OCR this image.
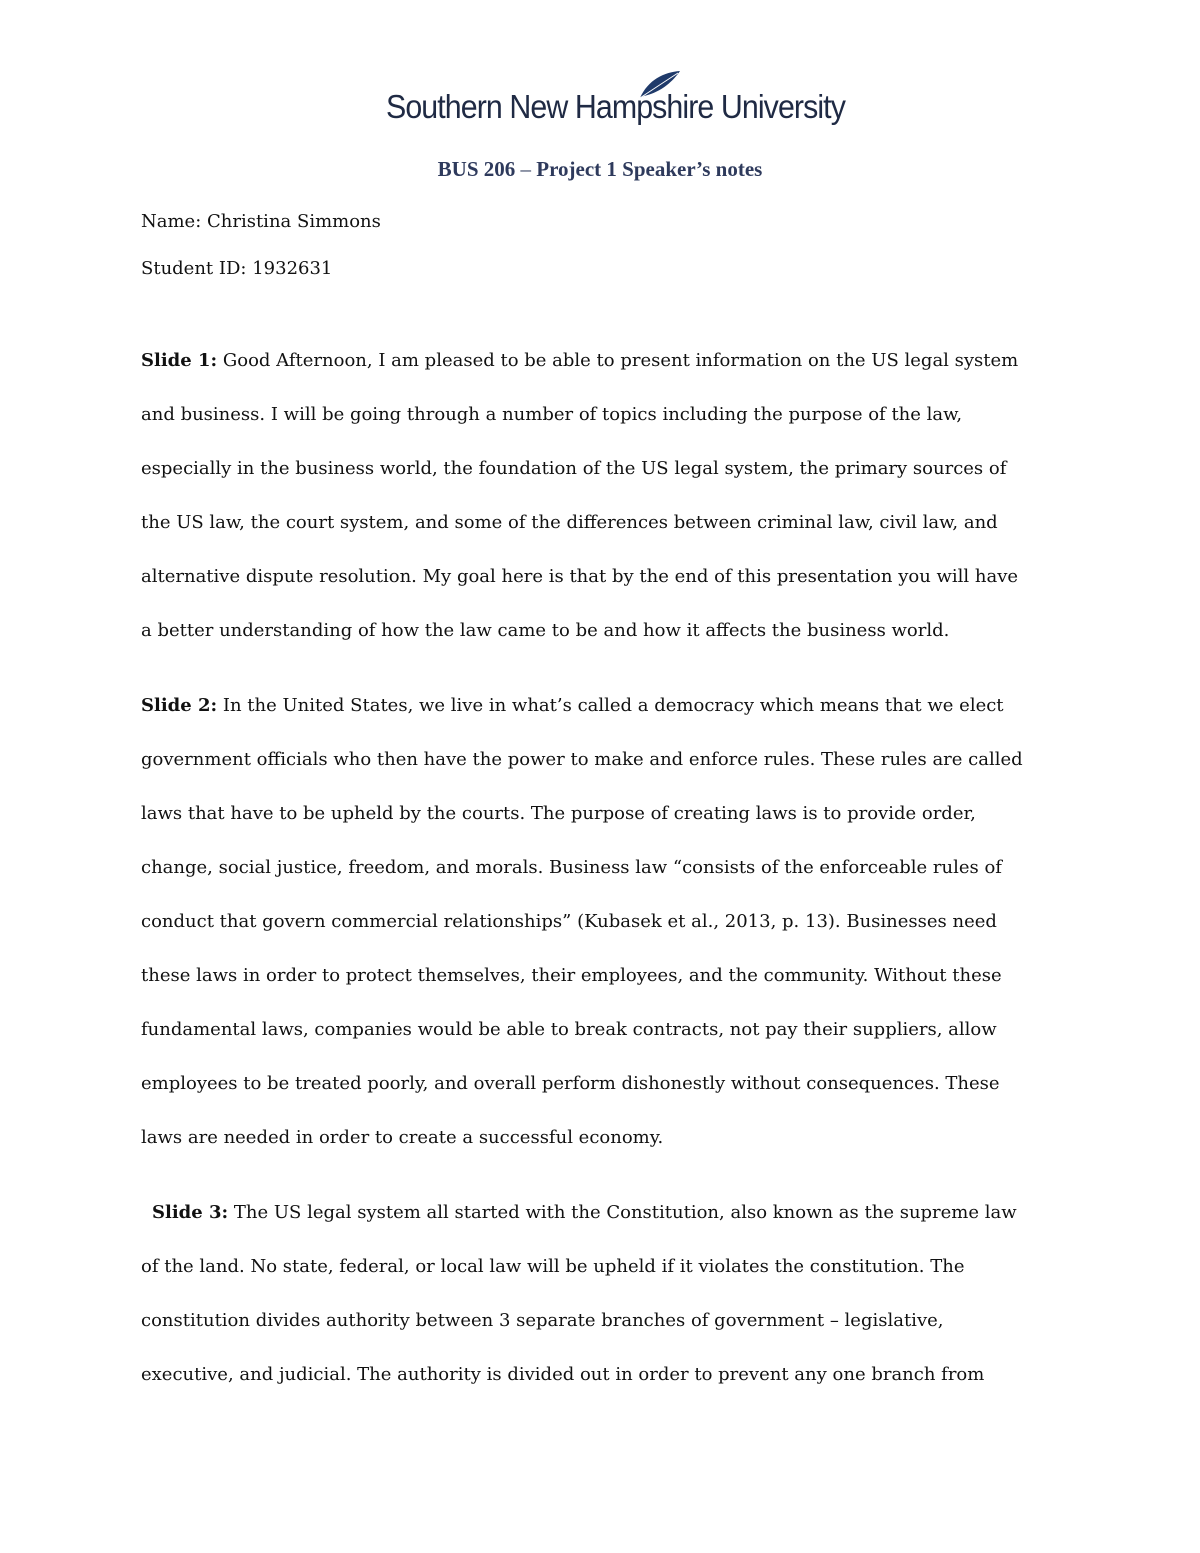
Southern New Hampshire University
BUS 206 – Project 1 Speaker’s notes
Name: Christina Simmons
Student ID: 1932631
Slide 1: Good Afternoon, I am pleased to be able to present information on the US legal system
and business. I will be going through a number of topics including the purpose of the law,
especially in the business world, the foundation of the US legal system, the primary sources of
the US law, the court system, and some of the differences between criminal law, civil law, and
alternative dispute resolution. My goal here is that by the end of this presentation you will have
a better understanding of how the law came to be and how it affects the business world.
Slide 2: In the United States, we live in what’s called a democracy which means that we elect
government officials who then have the power to make and enforce rules. These rules are called
laws that have to be upheld by the courts. The purpose of creating laws is to provide order,
change, social justice, freedom, and morals. Business law “consists of the enforceable rules of
conduct that govern commercial relationships” (Kubasek et al., 2013, p. 13). Businesses need
these laws in order to protect themselves, their employees, and the community. Without these
fundamental laws, companies would be able to break contracts, not pay their suppliers, allow
employees to be treated poorly, and overall perform dishonestly without consequences. These
laws are needed in order to create a successful economy.
Slide 3: The US legal system all started with the Constitution, also known as the supreme law
of the land. No state, federal, or local law will be upheld if it violates the constitution. The
constitution divides authority between 3 separate branches of government – legislative,
executive, and judicial. The authority is divided out in order to prevent any one branch from
